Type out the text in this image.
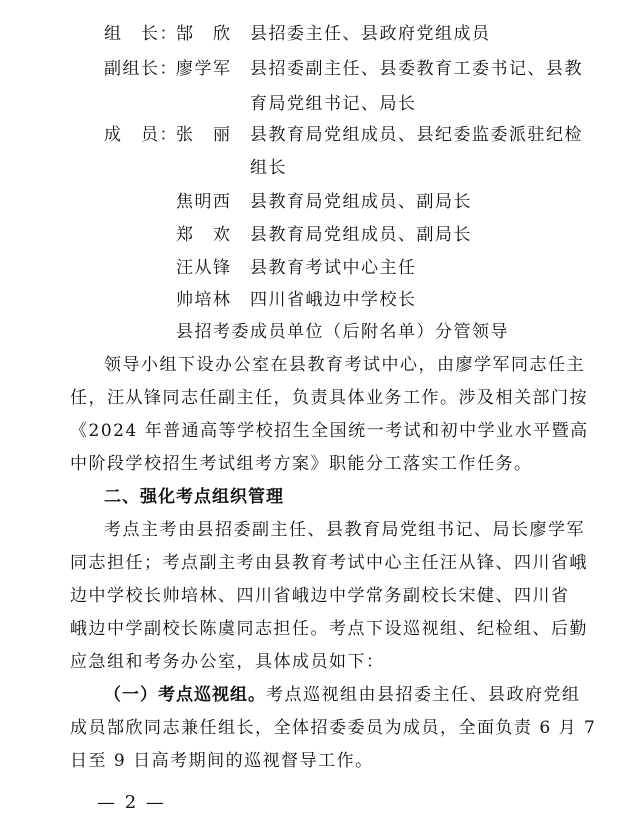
组　长：
郜　欣 县招委主任、县政府党组成员
副组长：
廖学军 县招委副主任、县委教育工委书记、县教
育局党组书记、局长
成　员：
张　丽 县教育局党组成员、县纪委监委派驻纪检
组长
焦明西 县教育局党组成员、副局长
郑　欢 县教育局党组成员、副局长
汪从锋 县教育考试中心主任
帅培林 四川省峨边中学校长
县招考委成员单位（后附名单）分管领导
领导小组下设办公室在县教育考试中心，由廖学军同志任主
任，汪从锋同志任副主任，负责具体业务工作。涉及相关部门按
《2024 年普通高等学校招生全国统一考试和初中学业水平暨高
中阶段学校招生考试组考方案》职能分工落实工作任务。
二、强化考点组织管理
考点主考由县招委副主任、县教育局党组书记、局长廖学军
同志担任；考点副主考由县教育考试中心主任汪从锋、四川省峨
边中学校长帅培林、四川省峨边中学常务副校长宋健、四川省
峨边中学副校长陈虞同志担任。考点下设巡视组、纪检组、后勤
应急组和考务办公室，具体成员如下：
（一）考点巡视组。考点巡视组由县招委主任、县政府党组
成员郜欣同志兼任组长，全体招委委员为成员，全面负责 6 月 7
日至 9 日高考期间的巡视督导工作。
— 2 —
